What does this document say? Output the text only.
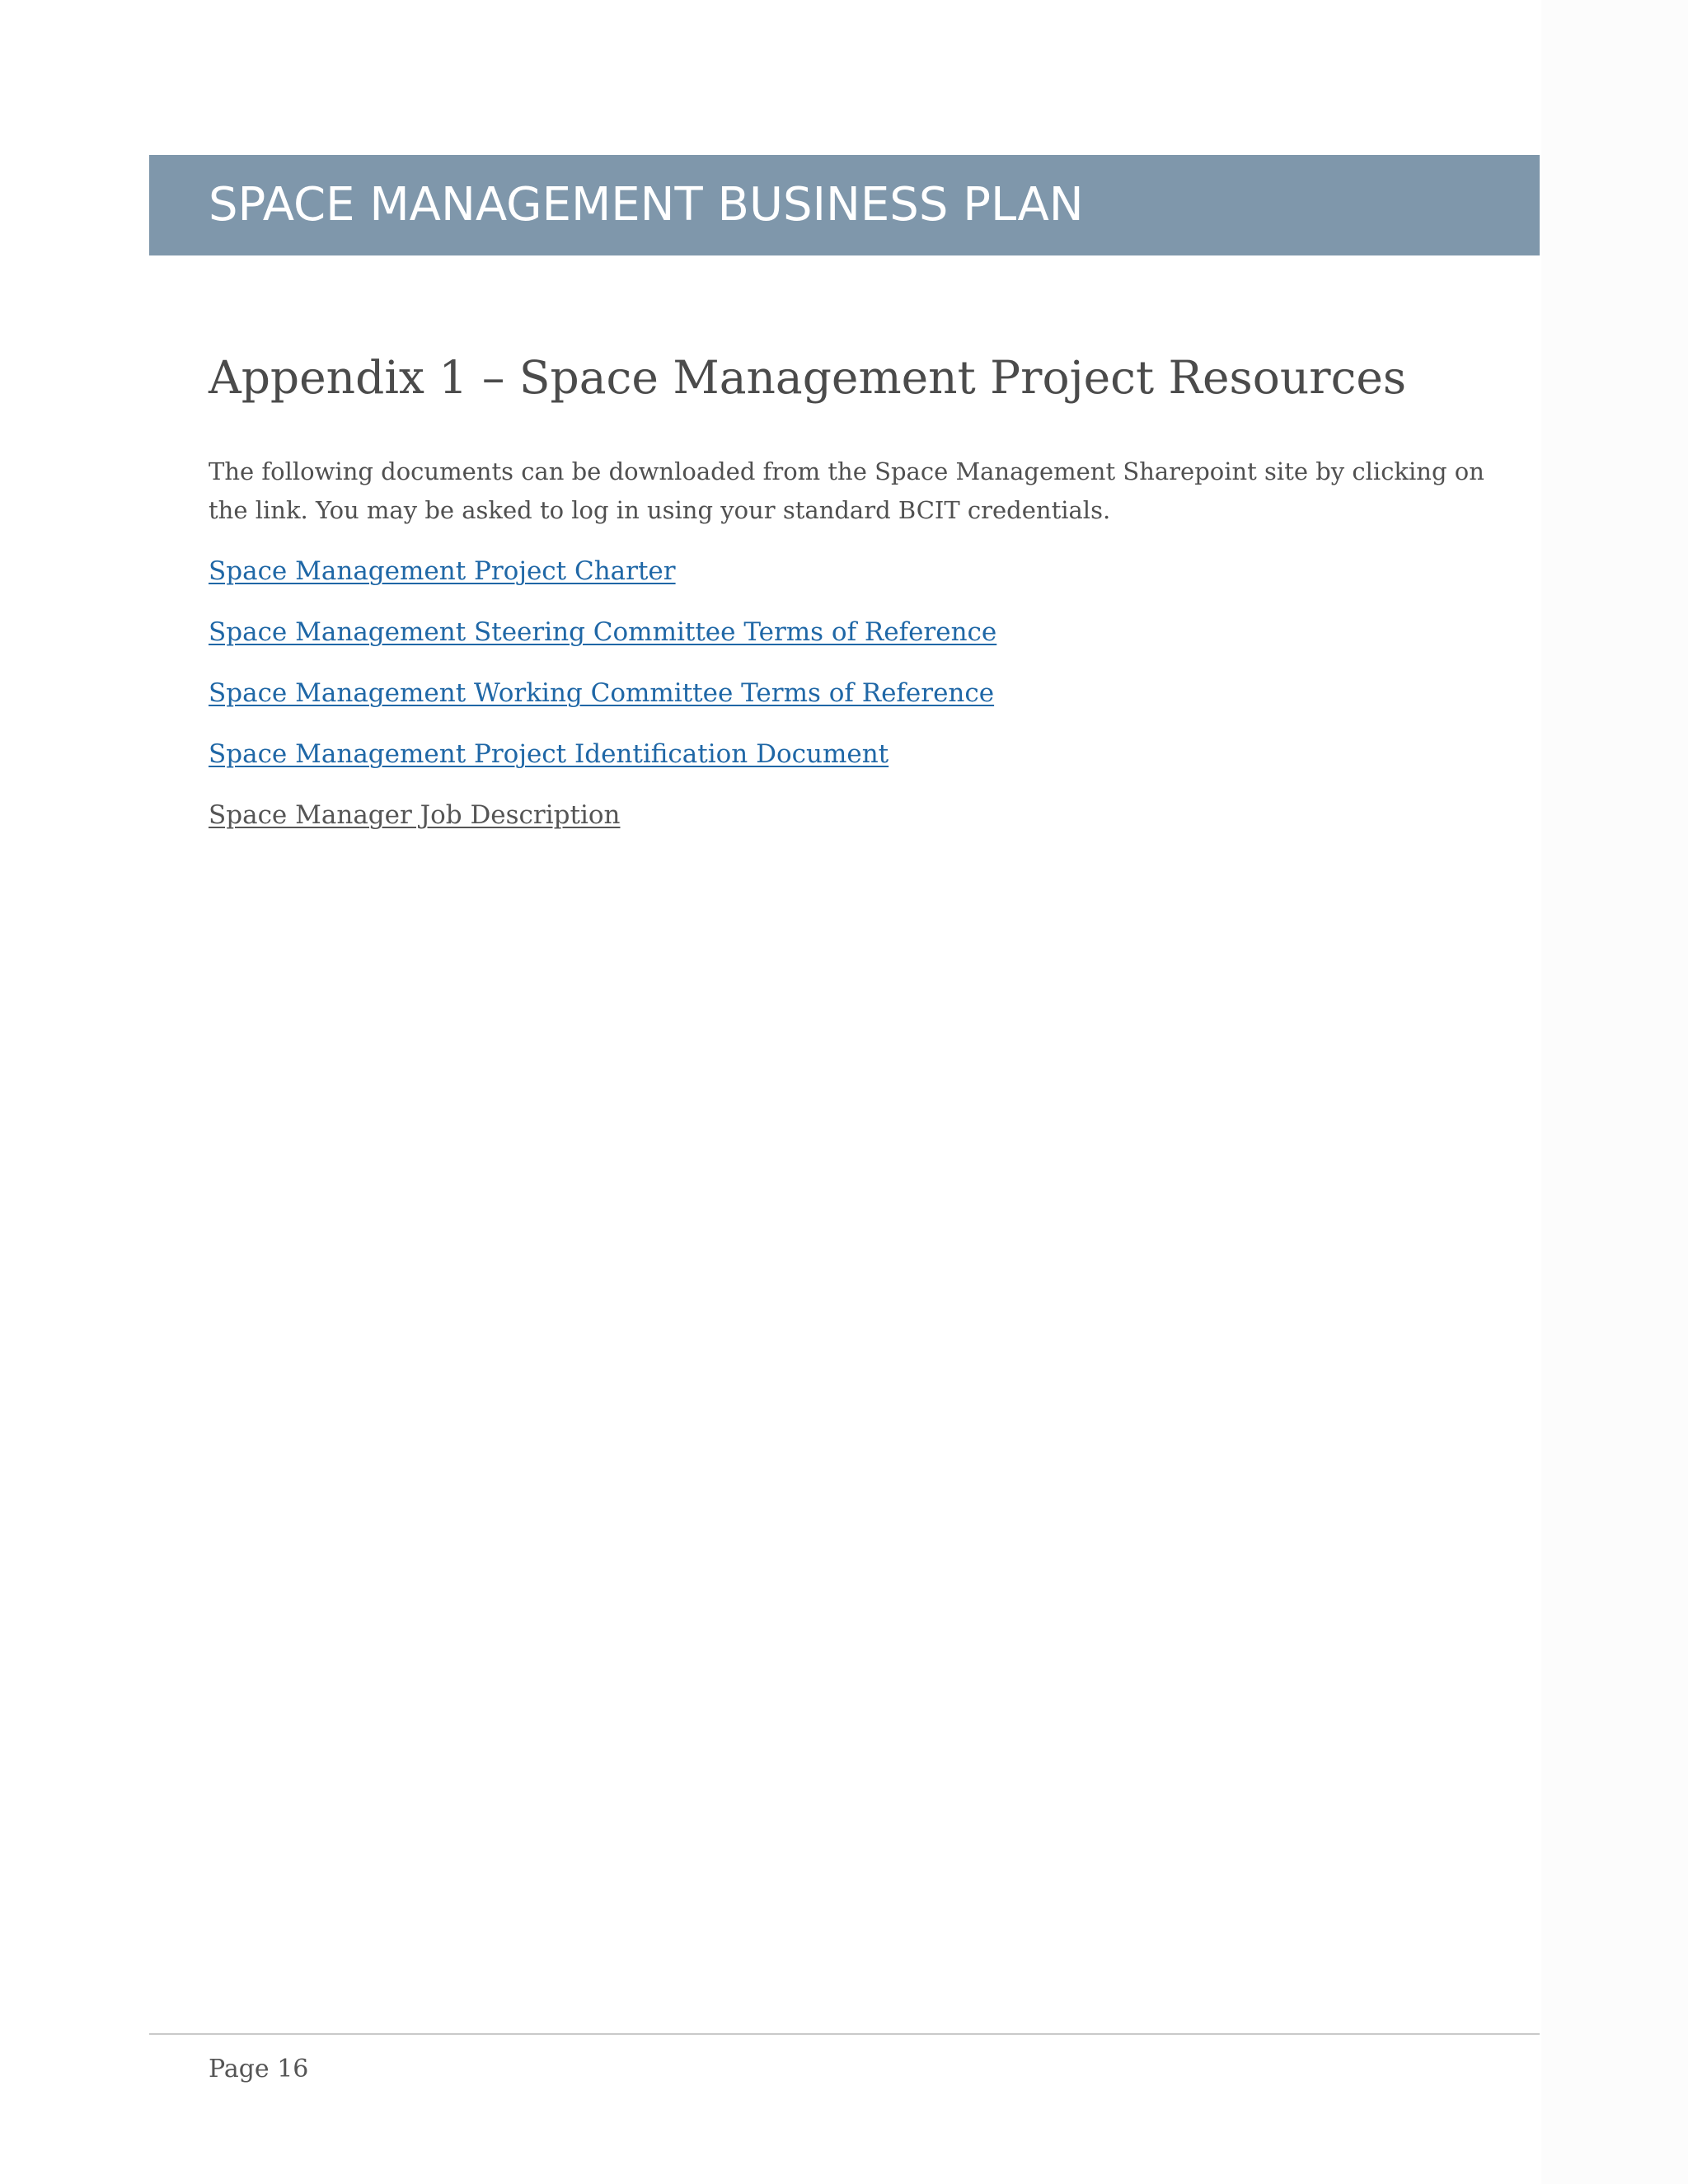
SPACE MANAGEMENT BUSINESS PLAN
Appendix 1 – Space Management Project Resources

The following documents can be downloaded from the Space Management Sharepoint site by clicking on the link. You may be asked to log in using your standard BCIT credentials.

Space Management Project Charter
Space Management Steering Committee Terms of Reference
Space Management Working Committee Terms of Reference
Space Management Project Identification Document
Space Manager Job Description
Page 16
